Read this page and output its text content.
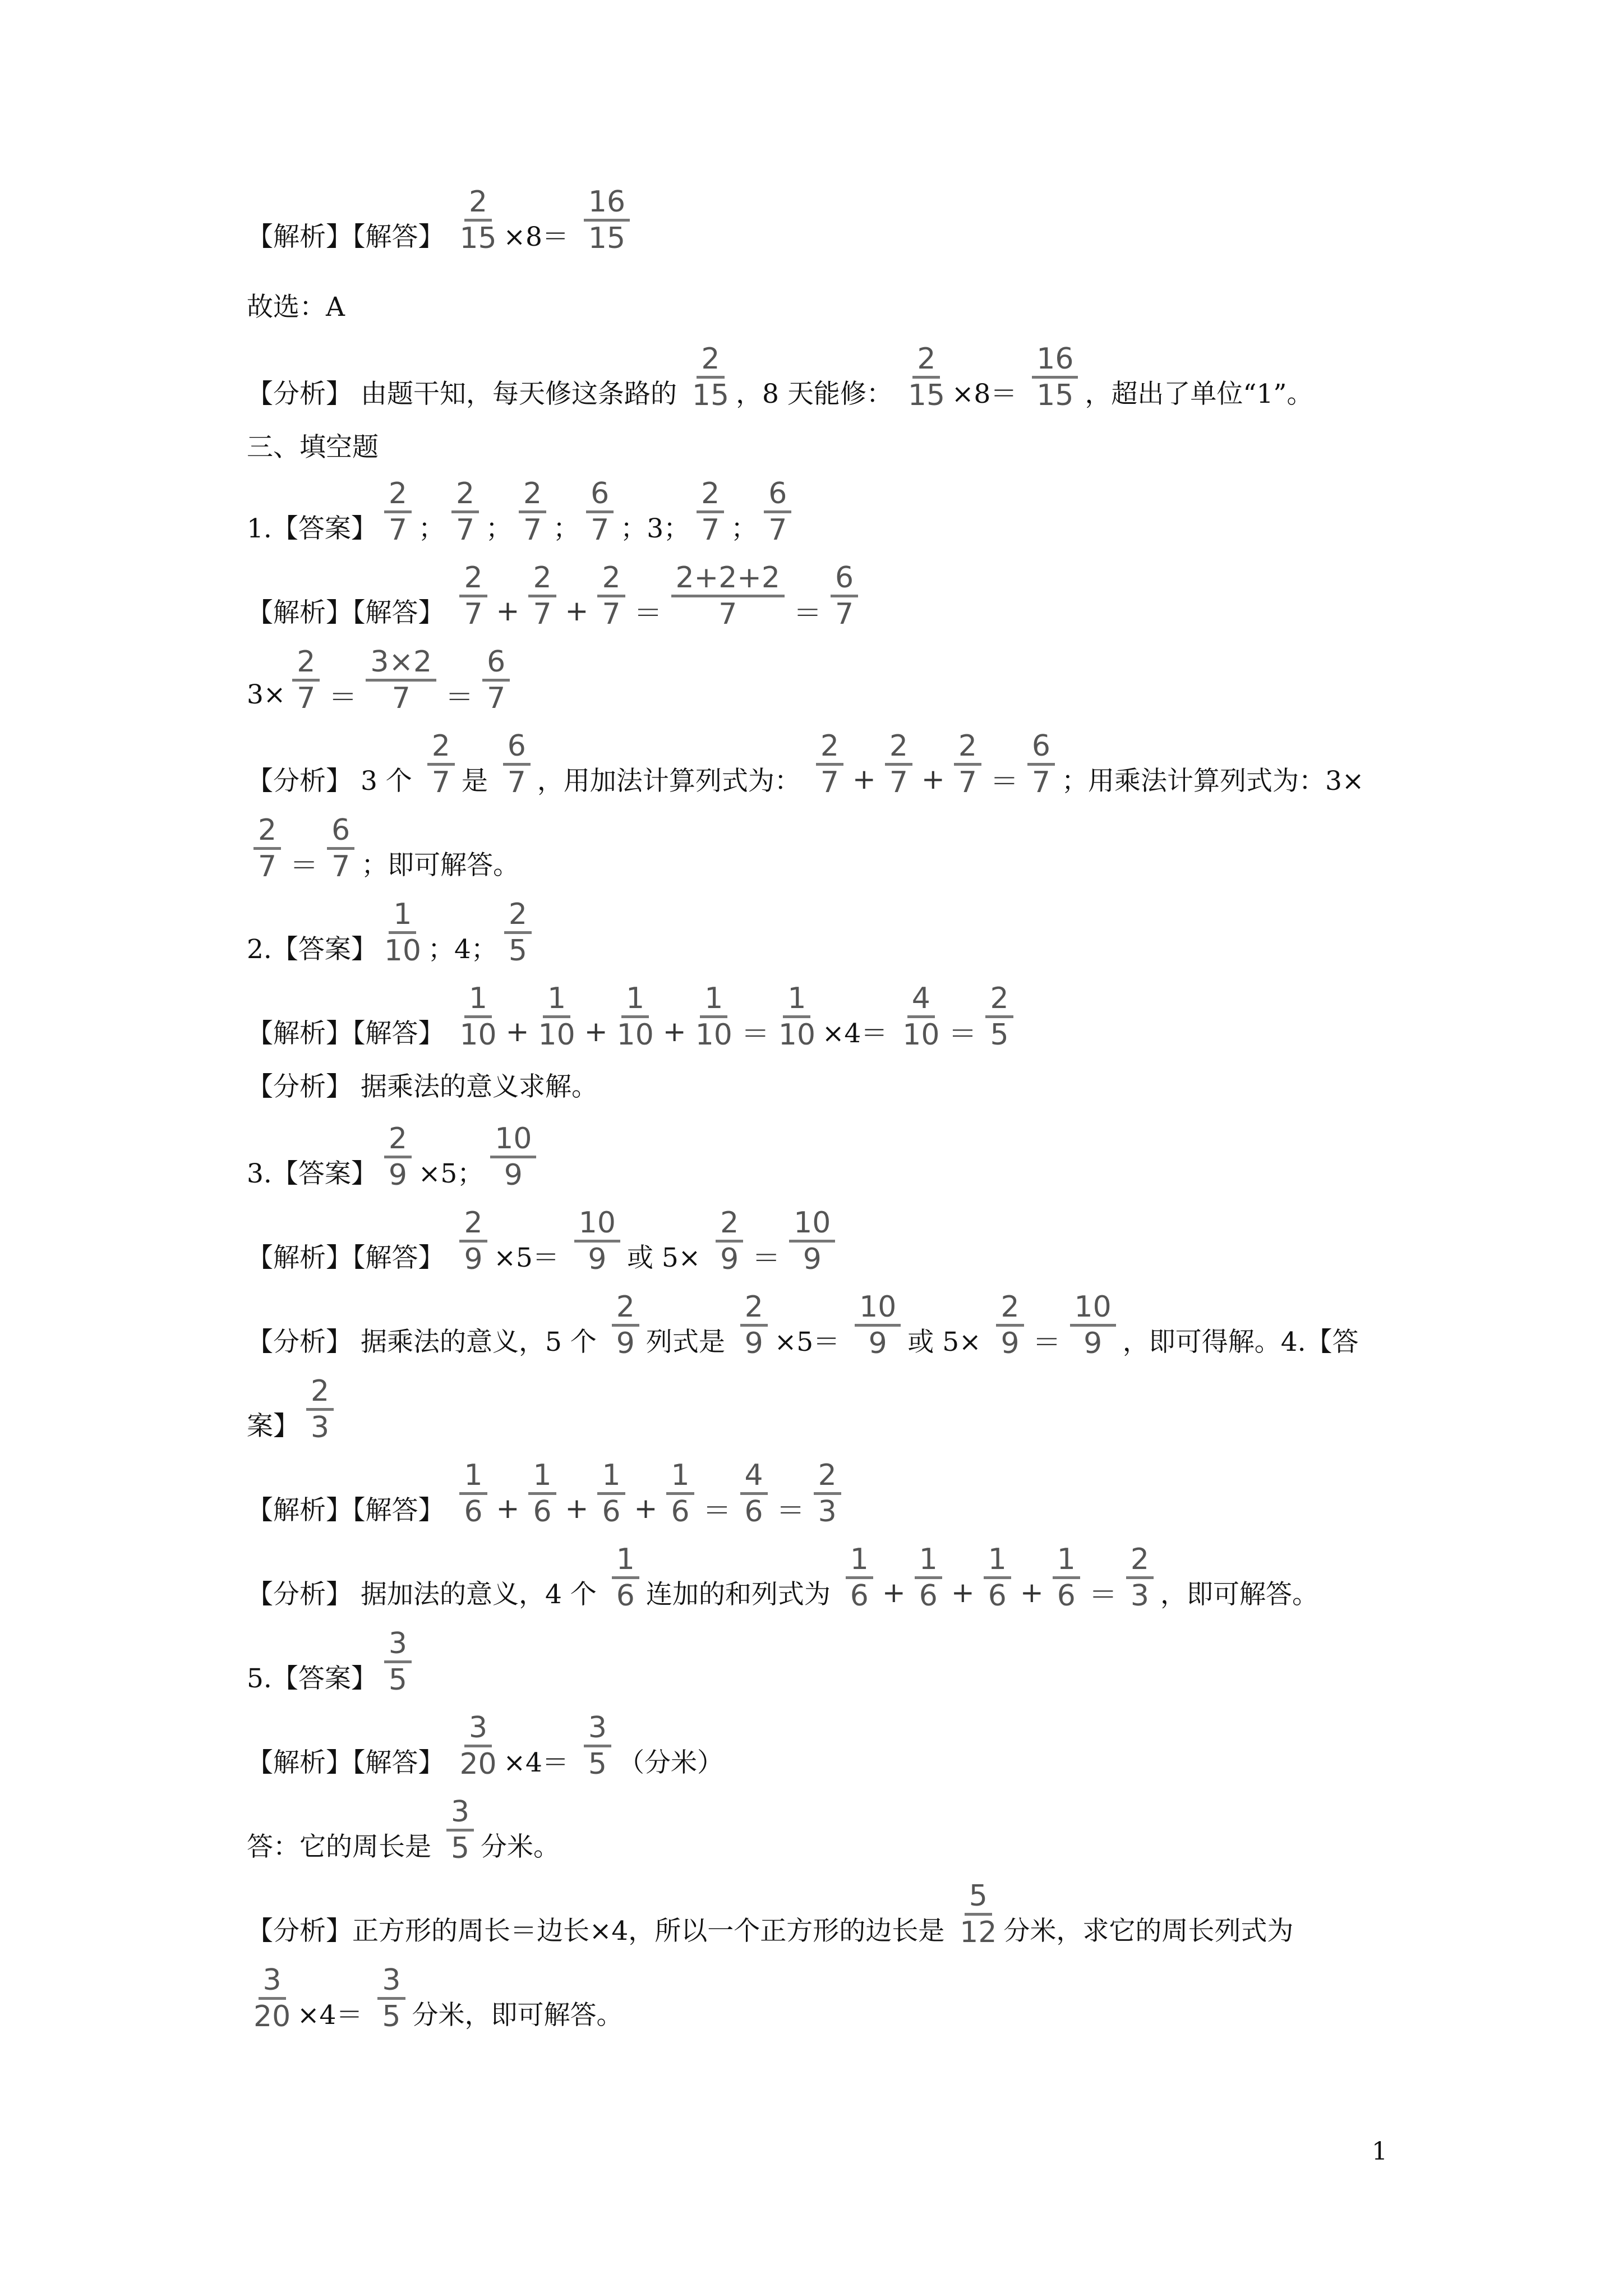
【解析】【解答】 $\frac{2}{15} \times 8= \frac{16}{15}$
故选：A
【分析】 由题干知，每天修这条路的 $\frac{2}{15}$ ，8 天能修： $\frac{2}{15} \times 8= \frac{16}{15}$ ，超出了单位“1”。
三、填空题
1.【答案】 $\frac{2}{7}$ ； $\frac{2}{7}$ ； $\frac{2}{7}$ ； $\frac{6}{7}$ ；3； $\frac{2}{7}$ ； $\frac{6}{7}$
【解析】【解答】 $\frac{2}{7} + \frac{2}{7} + \frac{2}{7} = \frac{2+2+2}{7} = \frac{6}{7}$
$3\times \frac{2}{7} = \frac{3\times 2}{7} = \frac{6}{7}$
【分析】 3 个 $\frac{2}{7}$ 是 $\frac{6}{7}$ ，用加法计算列式为： $\frac{2}{7} + \frac{2}{7} + \frac{2}{7} = \frac{6}{7}$ ；用乘法计算列式为：3×
$\frac{2}{7} = \frac{6}{7}$ ；即可解答。
2.【答案】 $\frac{1}{10}$ ；4； $\frac{2}{5}$
【解析】【解答】 $\frac{1}{10} + \frac{1}{10} + \frac{1}{10} + \frac{1}{10} = \frac{1}{10} \times 4= \frac{4}{10} = \frac{2}{5}$
【分析】 据乘法的意义求解。
3.【答案】 $\frac{2}{9} \times 5$； $\frac{10}{9}$
【解析】【解答】 $\frac{2}{9} \times 5= \frac{10}{9}$ 或 $5\times \frac{2}{9} = \frac{10}{9}$
【分析】 据乘法的意义，5 个 $\frac{2}{9}$ 列式是 $\frac{2}{9} \times 5= \frac{10}{9}$ 或 $5\times \frac{2}{9} = \frac{10}{9}$ ，即可得解。4.【答
案】 $\frac{2}{3}$
【解析】【解答】 $\frac{1}{6} + \frac{1}{6} + \frac{1}{6} + \frac{1}{6} = \frac{4}{6} = \frac{2}{3}$
【分析】 据加法的意义，4 个 $\frac{1}{6}$ 连加的和列式为 $\frac{1}{6} + \frac{1}{6} + \frac{1}{6} + \frac{1}{6} = \frac{2}{3}$ ，即可解答。
5.【答案】 $\frac{3}{5}$
【解析】【解答】 $\frac{3}{20} \times 4= \frac{3}{5}$ （分米）
答：它的周长是 $\frac{3}{5}$ 分米。
【分析】正方形的周长＝边长×4，所以一个正方形的边长是 $\frac{5}{12}$ 分米，求它的周长列式为
$\frac{3}{20} \times 4= \frac{3}{5}$ 分米，即可解答。
1
